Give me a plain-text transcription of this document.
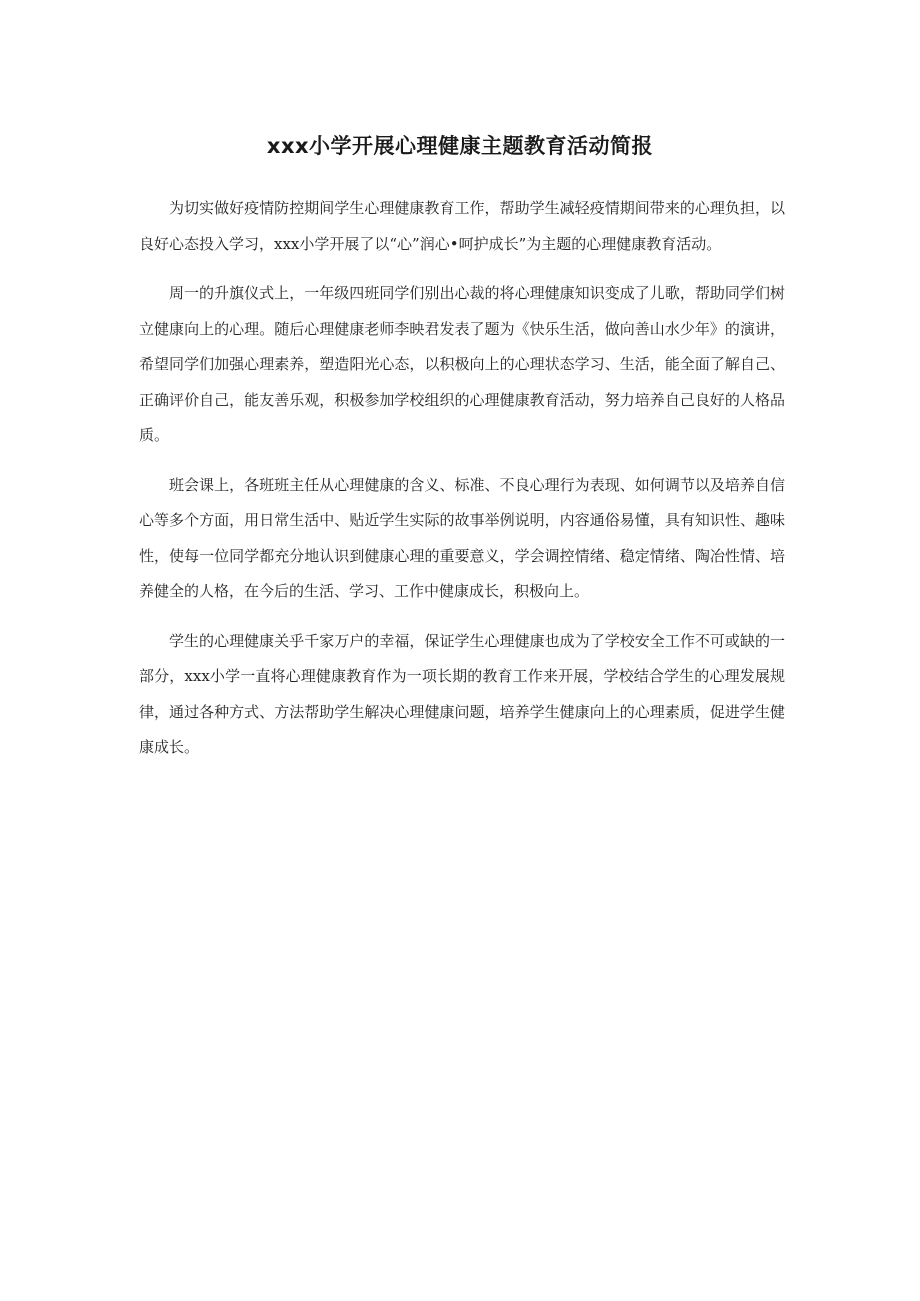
xxx小学开展心理健康主题教育活动简报

为切实做好疫情防控期间学生心理健康教育工作，帮助学生减轻疫情期间带来的心理负担，以良好心态投入学习，xxx小学开展了以“心”润心•呵护成长”为主题的心理健康教育活动。

周一的升旗仪式上，一年级四班同学们别出心裁的将心理健康知识变成了儿歌，帮助同学们树立健康向上的心理。随后心理健康老师李映君发表了题为《快乐生活，做向善山水少年》的演讲，希望同学们加强心理素养，塑造阳光心态，以积极向上的心理状态学习、生活，能全面了解自己、正确评价自己，能友善乐观，积极参加学校组织的心理健康教育活动，努力培养自己良好的人格品质。

班会课上，各班班主任从心理健康的含义、标准、不良心理行为表现、如何调节以及培养自信心等多个方面，用日常生活中、贴近学生实际的故事举例说明，内容通俗易懂，具有知识性、趣味性，使每一位同学都充分地认识到健康心理的重要意义，学会调控情绪、稳定情绪、陶冶性情、培养健全的人格，在今后的生活、学习、工作中健康成长，积极向上。

学生的心理健康关乎千家万户的幸福，保证学生心理健康也成为了学校安全工作不可或缺的一部分，xxx小学一直将心理健康教育作为一项长期的教育工作来开展，学校结合学生的心理发展规律，通过各种方式、方法帮助学生解决心理健康问题，培养学生健康向上的心理素质，促进学生健康成长。
